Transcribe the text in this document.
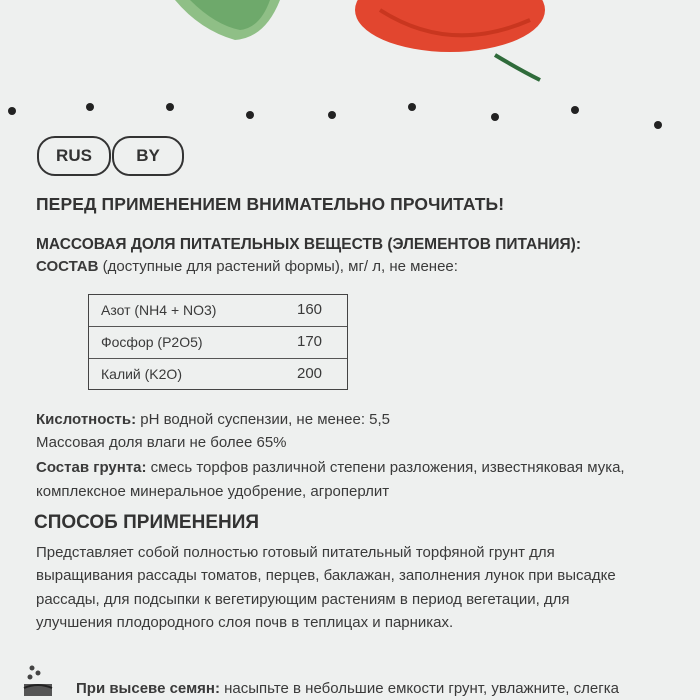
RUS	BY
ПЕРЕД ПРИМЕНЕНИЕМ ВНИМАТЕЛЬНО ПРОЧИТАТЬ!
МАССОВАЯ ДОЛЯ ПИТАТЕЛЬНЫХ ВЕЩЕСТВ (ЭЛЕМЕНТОВ ПИТАНИЯ):
СОСТАВ (доступные для растений формы), мг/ л, не менее:
Азот (NH4 + NO3)	160
Фосфор (P2O5)	170
Калий (K2O)	200
Кислотность: pH водной суспензии, не менее: 5,5
Массовая доля влаги не более 65%
Состав грунта: смесь торфов различной степени разложения, известняковая мука,
комплексное минеральное удобрение, агроперлит
СПОСОБ ПРИМЕНЕНИЯ
Представляет собой полностью готовый питательный торфяной грунт для
выращивания рассады томатов, перцев, баклажан, заполнения лунок при высадке
рассады, для подсыпки к вегетирующим растениям в период вегетации, для
улучшения плодородного слоя почв в теплицах и парниках.
При высеве семян: насыпьте в небольшие емкости грунт, увлажните, слегка
